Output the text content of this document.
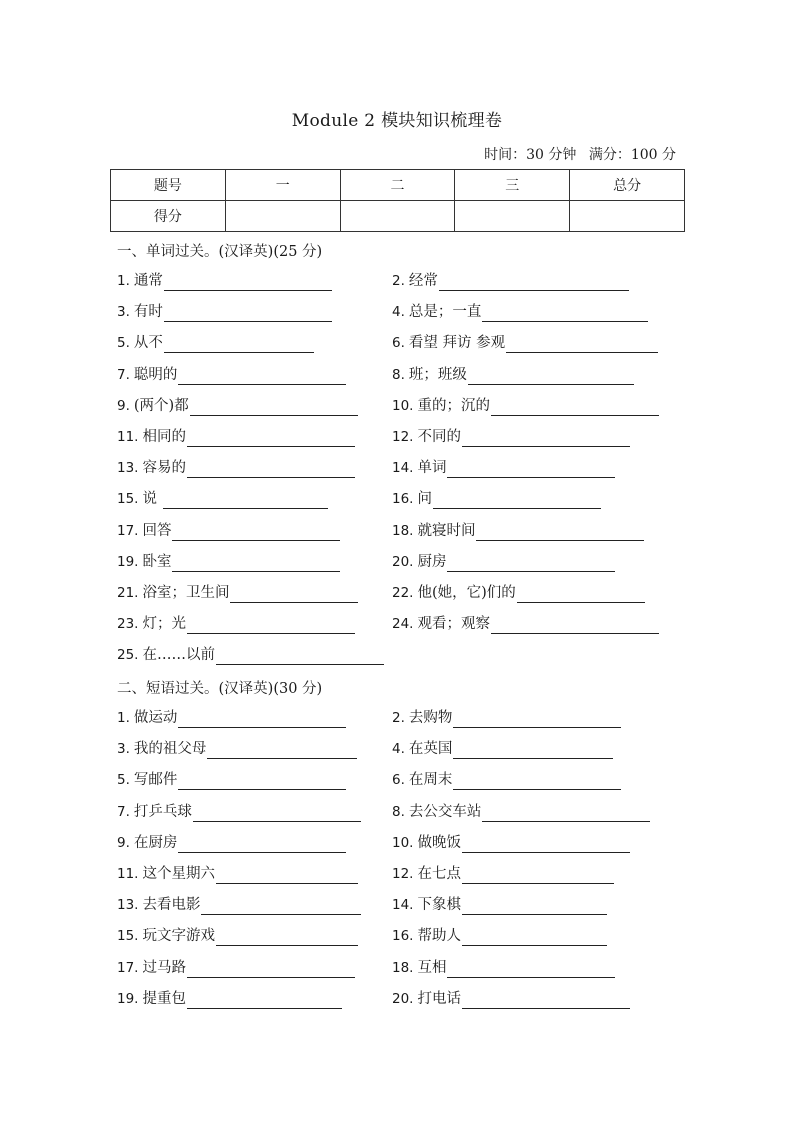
Module 2 模块知识梳理卷
时间：30 分钟 满分：100 分
题号	一	二	三	总分
得分				
一、单词过关。(汉译英)(25 分)
1. 通常	2. 经常
3. 有时	4. 总是；一直
5. 从不	6. 看望 拜访 参观
7. 聪明的	8. 班；班级
9. (两个)都	10. 重的；沉的
11. 相同的	12. 不同的
13. 容易的	14. 单词
15. 说	16. 问
17. 回答	18. 就寝时间
19. 卧室	20. 厨房
21. 浴室；卫生间	22. 他(她，它)们的
23. 灯；光	24. 观看；观察
25. 在……以前
二、短语过关。(汉译英)(30 分)
1. 做运动	2. 去购物
3. 我的祖父母	4. 在英国
5. 写邮件	6. 在周末
7. 打乒乓球	8. 去公交车站
9. 在厨房	10. 做晚饭
11. 这个星期六	12. 在七点
13. 去看电影	14. 下象棋
15. 玩文字游戏	16. 帮助人
17. 过马路	18. 互相
19. 提重包	20. 打电话
